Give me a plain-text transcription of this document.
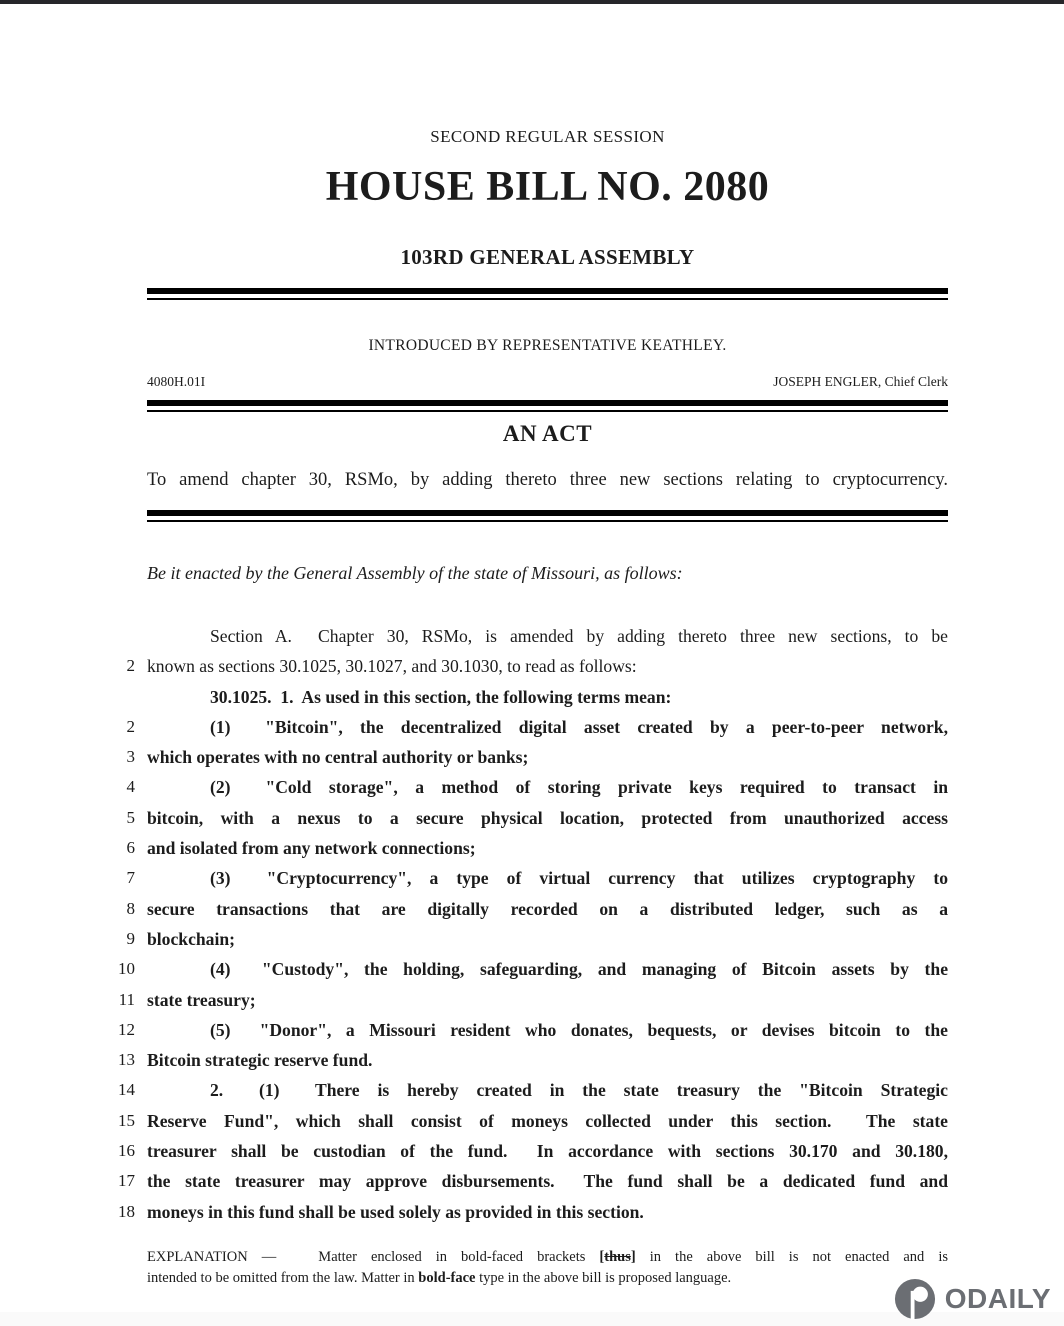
SECOND REGULAR SESSION
HOUSE BILL NO. 2080
103RD GENERAL ASSEMBLY
INTRODUCED BY REPRESENTATIVE KEATHLEY.
4080H.01I	JOSEPH ENGLER, Chief Clerk
AN ACT
To amend chapter 30, RSMo, by adding thereto three new sections relating to cryptocurrency.
Be it enacted by the General Assembly of the state of Missouri, as follows:
Section A.  Chapter 30, RSMo, is amended by adding thereto three new sections, to be
2 known as sections 30.1025, 30.1027, and 30.1030, to read as follows:
30.1025.  1.  As used in this section, the following terms mean:
2	(1)  "Bitcoin", the decentralized digital asset created by a peer-to-peer network,
3 which operates with no central authority or banks;
4	(2)  "Cold storage", a method of storing private keys required to transact in
5 bitcoin, with a nexus to a secure physical location, protected from unauthorized access
6 and isolated from any network connections;
7	(3)  "Cryptocurrency", a type of virtual currency that utilizes cryptography to
8 secure transactions that are digitally recorded on a distributed ledger, such as a
9 blockchain;
10	(4)  "Custody", the holding, safeguarding, and managing of Bitcoin assets by the
11 state treasury;
12	(5)  "Donor", a Missouri resident who donates, bequests, or devises bitcoin to the
13 Bitcoin strategic reserve fund.
14	2.  (1)  There is hereby created in the state treasury the "Bitcoin Strategic
15 Reserve Fund", which shall consist of moneys collected under this section.  The state
16 treasurer shall be custodian of the fund.  In accordance with sections 30.170 and 30.180,
17 the state treasurer may approve disbursements.  The fund shall be a dedicated fund and
18 moneys in this fund shall be used solely as provided in this section.
EXPLANATION —   Matter enclosed in bold-faced brackets [thus] in the above bill is not enacted and is
intended to be omitted from the law. Matter in bold-face type in the above bill is proposed language.
ODAILY
